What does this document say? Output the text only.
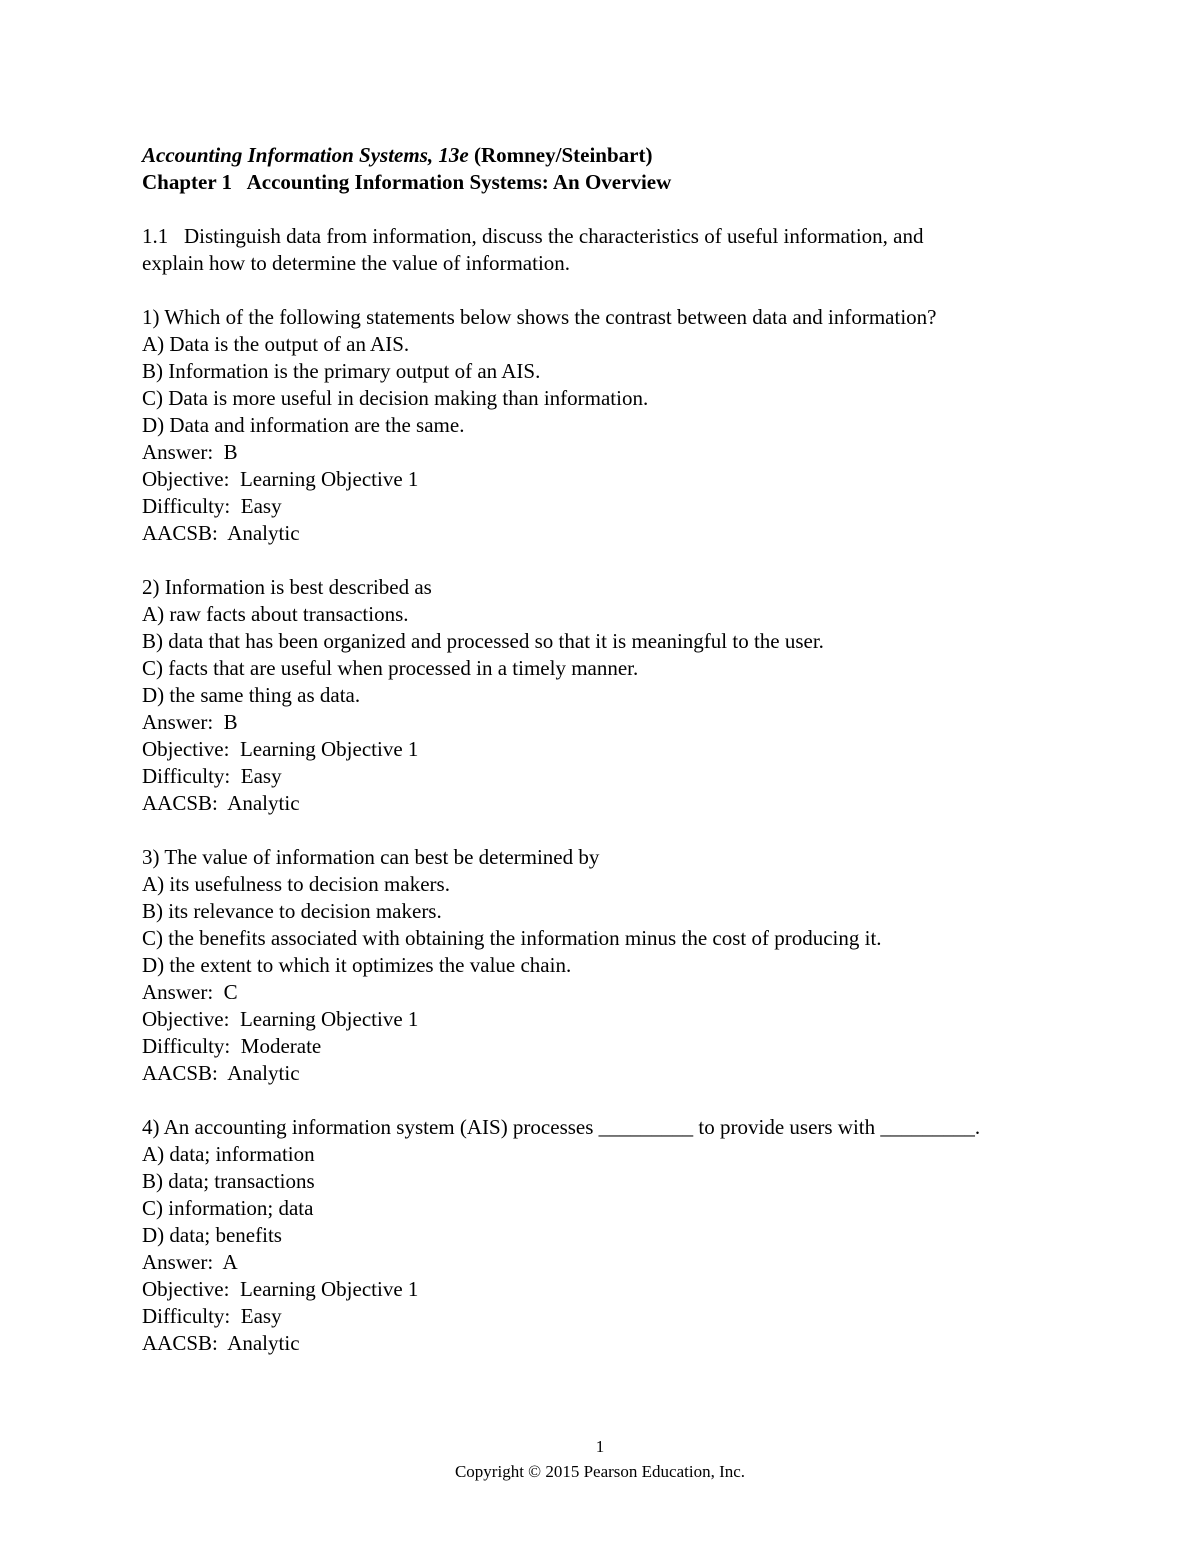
Accounting Information Systems, 13e (Romney/Steinbart)
Chapter 1   Accounting Information Systems: An Overview
1.1   Distinguish data from information, discuss the characteristics of useful information, and
explain how to determine the value of information.
1) Which of the following statements below shows the contrast between data and information?
A) Data is the output of an AIS.
B) Information is the primary output of an AIS.
C) Data is more useful in decision making than information.
D) Data and information are the same.
Answer:  B
Objective:  Learning Objective 1
Difficulty:  Easy
AACSB:  Analytic
2) Information is best described as
A) raw facts about transactions.
B) data that has been organized and processed so that it is meaningful to the user.
C) facts that are useful when processed in a timely manner.
D) the same thing as data.
Answer:  B
Objective:  Learning Objective 1
Difficulty:  Easy
AACSB:  Analytic
3) The value of information can best be determined by
A) its usefulness to decision makers.
B) its relevance to decision makers.
C) the benefits associated with obtaining the information minus the cost of producing it.
D) the extent to which it optimizes the value chain.
Answer:  C
Objective:  Learning Objective 1
Difficulty:  Moderate
AACSB:  Analytic
4) An accounting information system (AIS) processes _________ to provide users with _________.
A) data; information
B) data; transactions
C) information; data
D) data; benefits
Answer:  A
Objective:  Learning Objective 1
Difficulty:  Easy
AACSB:  Analytic
1
Copyright © 2015 Pearson Education, Inc.
